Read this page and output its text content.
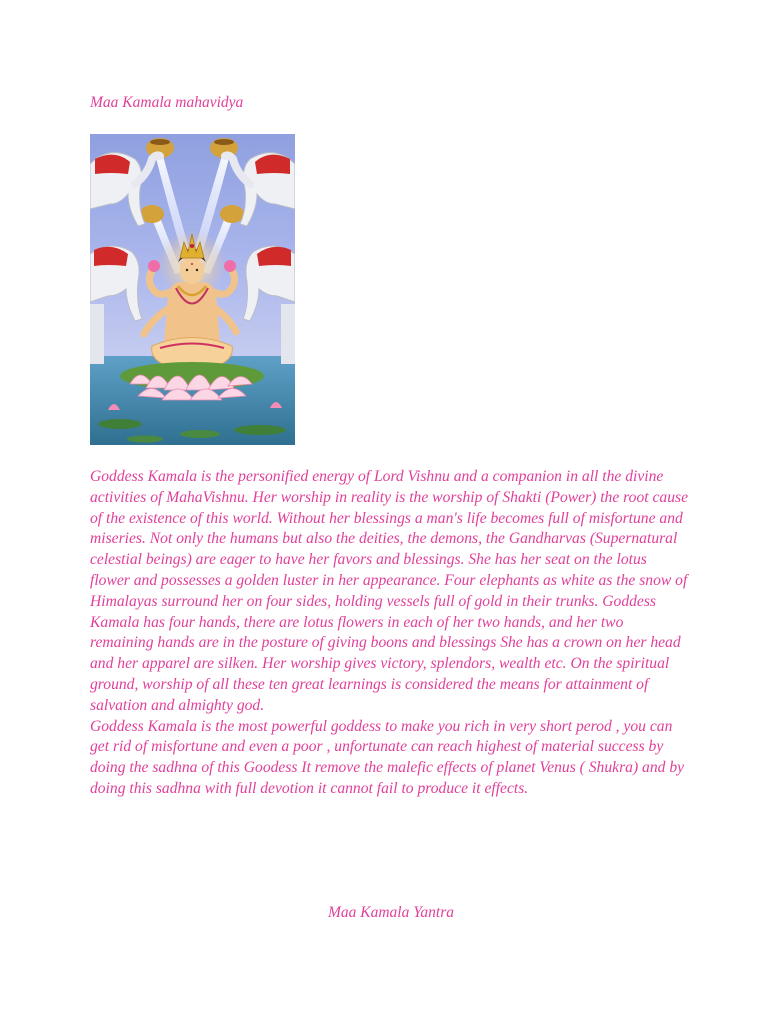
Maa Kamala mahavidya

Goddess Kamala is the personified energy of Lord Vishnu and a companion in all the divine activities of MahaVishnu. Her worship in reality is the worship of Shakti (Power) the root cause of the existence of this world. Without her blessings a man's life becomes full of misfortune and miseries. Not only the humans but also the deities, the demons, the Gandharvas (Supernatural celestial beings) are eager to have her favors and blessings. She has her seat on the lotus flower and possesses a golden luster in her appearance. Four elephants as white as the snow of Himalayas surround her on four sides, holding vessels full of gold in their trunks. Goddess Kamala has four hands, there are lotus flowers in each of her two hands, and her two remaining hands are in the posture of giving boons and blessings She has a crown on her head and her apparel are silken. Her worship gives victory, splendors, wealth etc. On the spiritual ground, worship of all these ten great learnings is considered the means for attainment of salvation and almighty god.

Goddess Kamala is the most powerful goddess to make you rich in very short perod , you can get rid of misfortune and even a poor , unfortunate can reach highest of material success by doing the sadhna of this Goodess It remove the malefic effects of planet Venus ( Shukra) and by doing this sadhna with full devotion it cannot fail to produce it effects.

Maa Kamala Yantra
